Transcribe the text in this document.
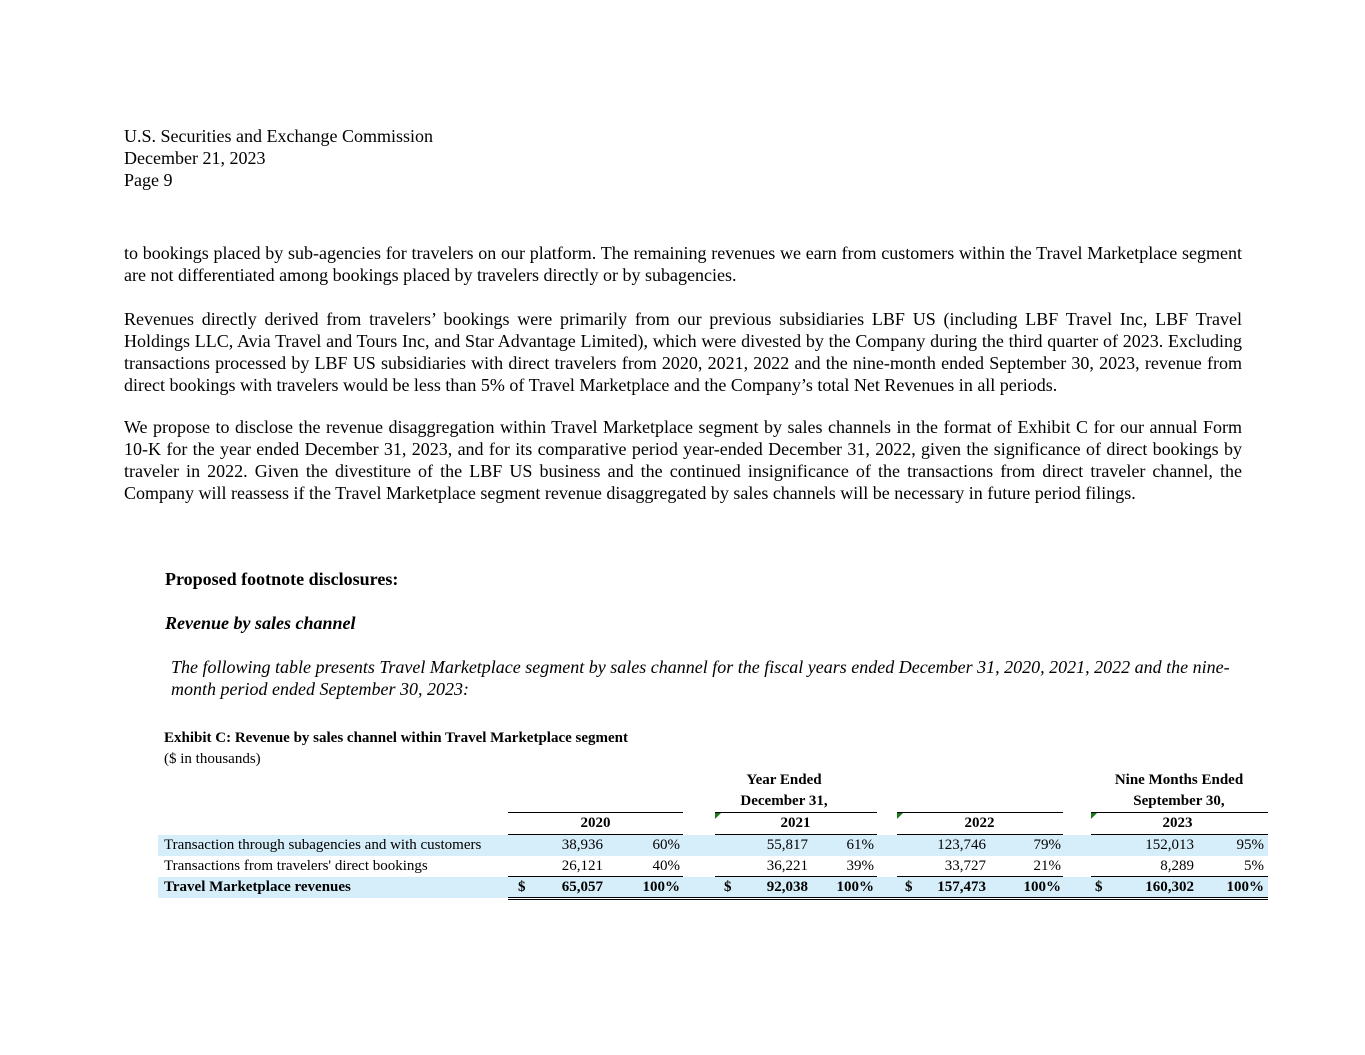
U.S. Securities and Exchange Commission
December 21, 2023
Page 9
to bookings placed by sub-agencies for travelers on our platform. The remaining revenues we earn from customers within the Travel Marketplace segment are not differentiated among bookings placed by travelers directly or by subagencies.
Revenues directly derived from travelers’ bookings were primarily from our previous subsidiaries LBF US (including LBF Travel Inc, LBF Travel Holdings LLC, Avia Travel and Tours Inc, and Star Advantage Limited), which were divested by the Company during the third quarter of 2023. Excluding transactions processed by LBF US subsidiaries with direct travelers from 2020, 2021, 2022 and the nine-month ended September 30, 2023, revenue from direct bookings with travelers would be less than 5% of Travel Marketplace and the Company’s total Net Revenues in all periods.
We propose to disclose the revenue disaggregation within Travel Marketplace segment by sales channels in the format of Exhibit C for our annual Form 10-K for the year ended December 31, 2023, and for its comparative period year-ended December 31, 2022, given the significance of direct bookings by traveler in 2022. Given the divestiture of the LBF US business and the continued insignificance of the transactions from direct traveler channel, the Company will reassess if the Travel Marketplace segment revenue disaggregated by sales channels will be necessary in future period filings.
Proposed footnote disclosures:
Revenue by sales channel
The following table presents Travel Marketplace segment by sales channel for the fiscal years ended December 31, 2020, 2021, 2022 and the nine-month period ended September 30, 2023:
Exhibit C: Revenue by sales channel within Travel Marketplace segment
($ in thousands)
Year Ended
December 31,
Nine Months Ended
September 30,
2020	2021	2022	2023
Transaction through subagencies and with customers	38,936	60%	55,817	61%	123,746	79%	152,013	95%
Transactions from travelers' direct bookings	26,121	40%	36,221	39%	33,727	21%	8,289	5%
Travel Marketplace revenues	$	65,057	100%	$	92,038	100% $	157,473	100% $	160,302	100%
